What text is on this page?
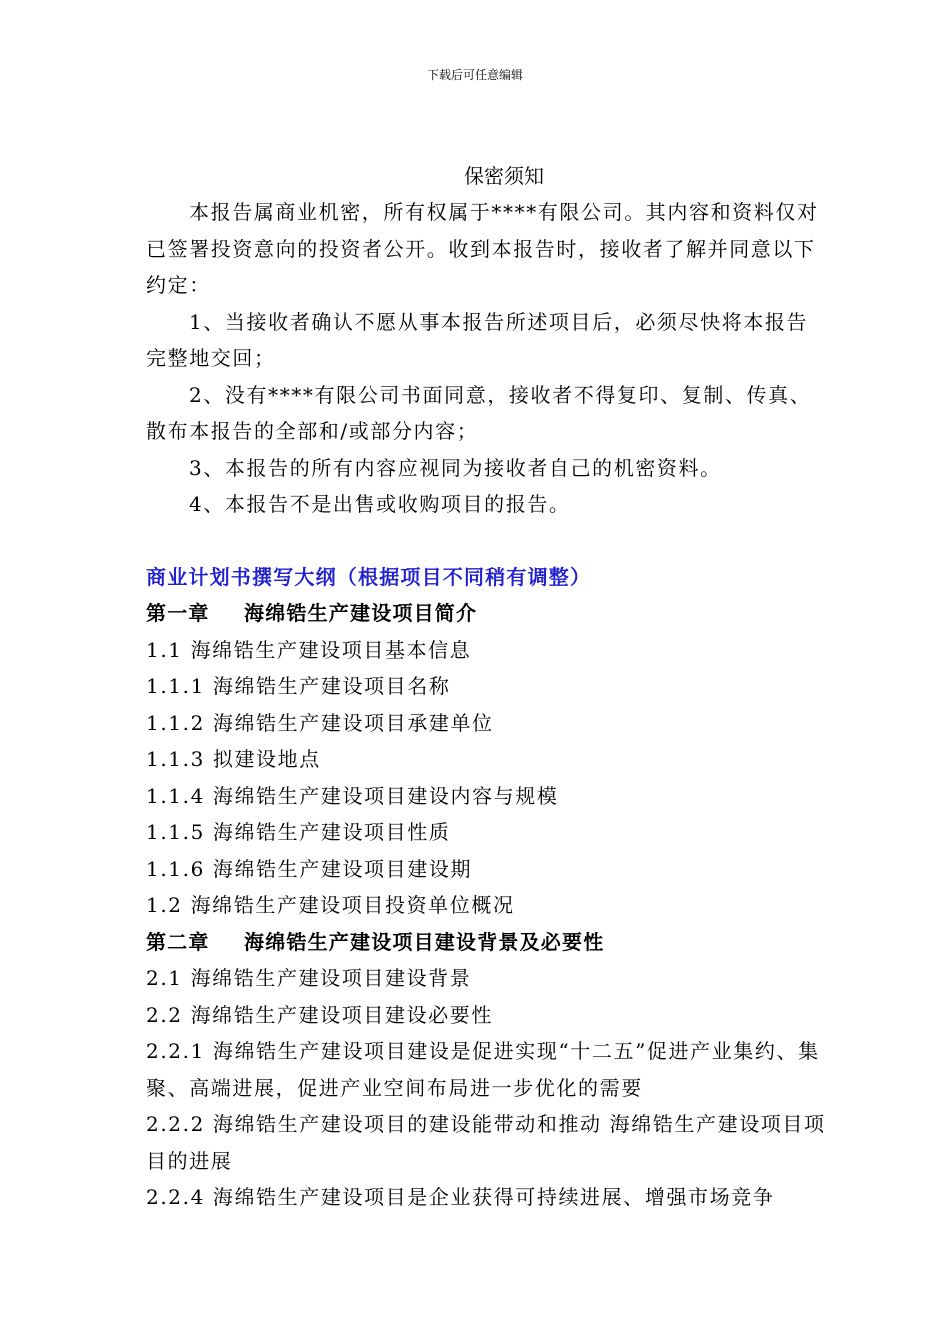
下载后可任意编辑
保密须知
本报告属商业机密，所有权属于****有限公司。其内容和资料仅对已签署投资意向的投资者公开。收到本报告时，接收者了解并同意以下约定：
1、当接收者确认不愿从事本报告所述项目后，必须尽快将本报告完整地交回；
2、没有****有限公司书面同意，接收者不得复印、复制、传真、散布本报告的全部和/或部分内容；
3、本报告的所有内容应视同为接收者自己的机密资料。
4、本报告不是出售或收购项目的报告。
商业计划书撰写大纲（根据项目不同稍有调整）
第一章 海绵锆生产建设项目简介
1.1 海绵锆生产建设项目基本信息
1.1.1 海绵锆生产建设项目名称
1.1.2 海绵锆生产建设项目承建单位
1.1.3 拟建设地点
1.1.4 海绵锆生产建设项目建设内容与规模
1.1.5 海绵锆生产建设项目性质
1.1.6 海绵锆生产建设项目建设期
1.2 海绵锆生产建设项目投资单位概况
第二章 海绵锆生产建设项目建设背景及必要性
2.1 海绵锆生产建设项目建设背景
2.2 海绵锆生产建设项目建设必要性
2.2.1 海绵锆生产建设项目建设是促进实现“十二五”促进产业集约、集聚、高端进展，促进产业空间布局进一步优化的需要
2.2.2 海绵锆生产建设项目的建设能带动和推动 海绵锆生产建设项目项目的进展
2.2.4 海绵锆生产建设项目是企业获得可持续进展、增强市场竞争
